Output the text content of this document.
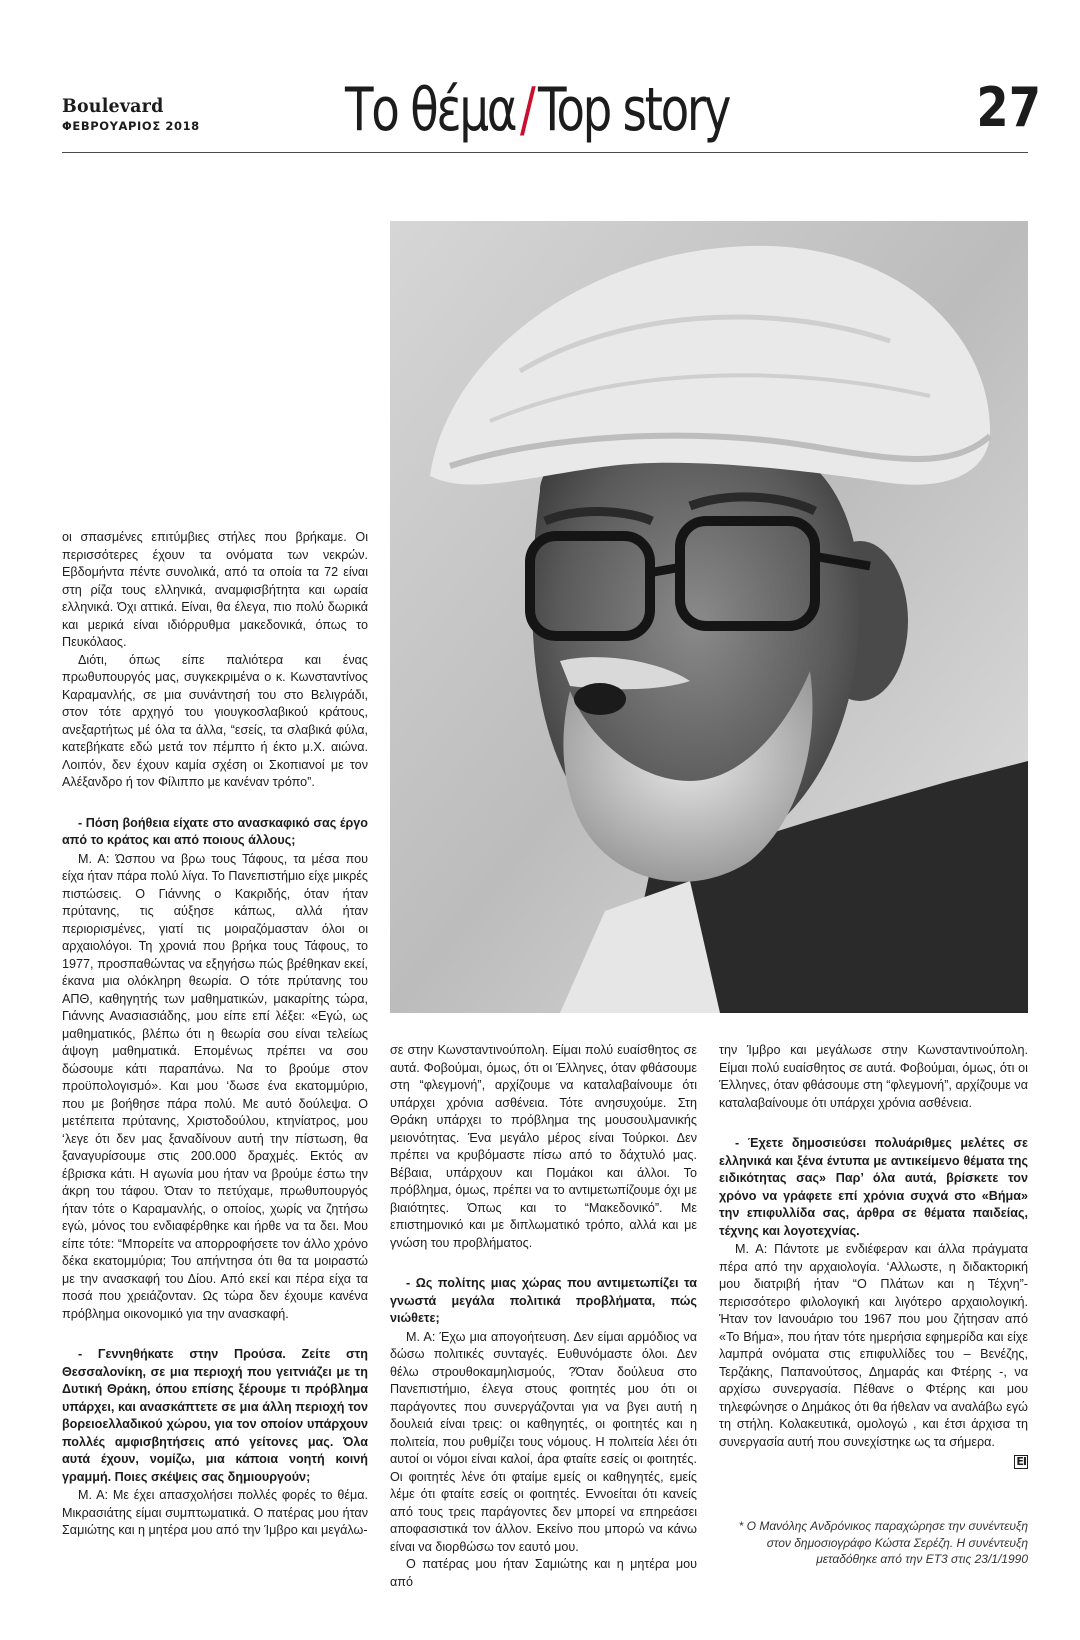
Boulevard
ΦΕΒΡΟΥΑΡΙΟΣ 2018 Το θέμα/Top story	27

οι σπασμένες επιτύμβιες στήλες που βρήκαμε. Οι περισσότερες έχουν τα ονόματα των νεκρών. Εβδομήντα πέντε συνολικά, από τα οποία τα 72 είναι στη ρίζα τους ελληνικά, αναμφισβήτητα και ωραία ελληνικά. Όχι αττικά. Είναι, θα έλεγα, πιο πολύ δωρικά και μερικά είναι ιδιόρρυθμα μακεδονικά, όπως το Πευκόλαος.

Διότι, όπως είπε παλιότερα και ένας πρωθυπουργός μας, συγκεκριμένα ο κ. Κωνσταντίνος Καραμανλής, σε μια συνάντησή του στο Βελιγράδι, στον τότε αρχηγό του γιουγκοσλαβικού κράτους, ανεξαρτήτως μέ όλα τα άλλα, “εσείς, τα σλαβικά φύλα, κατεβήκατε εδώ μετά τον πέμπτο ή έκτο μ.Χ. αιώνα. Λοιπόν, δεν έχουν καμία σχέση οι Σκοπιανοί με τον Αλέξανδρο ή τον Φίλιππο με κανέναν τρόπο”.

- Πόση βοήθεια είχατε στο ανασκαφικό σας έργο από το κράτος και από ποιους άλλους;

Μ. Α: Ώσπου να βρω τους Τάφους, τα μέσα που είχα ήταν πάρα πολύ λίγα. Το Πανεπιστήμιο είχε μικρές πιστώσεις. Ο Γιάννης ο Κακριδής, όταν ήταν πρύτανης, τις αύξησε κάπως, αλλά ήταν περιορισμένες, γιατί τις μοιραζόμασταν όλοι οι αρχαιολόγοι. Τη χρονιά που βρήκα τους Τάφους, το 1977, προσπαθώντας να εξηγήσω πώς βρέθηκαν εκεί, έκανα μια ολόκληρη θεωρία. Ο τότε πρύτανης του ΑΠΘ, καθηγητής των μαθηματικών, μακαρίτης τώρα, Γιάννης Ανασιασιάδης, μου είπε επί λέξει: «Εγώ, ως μαθηματικός, βλέπω ότι η θεωρία σου είναι τελείως άψογη μαθηματικά. Επομένως πρέπει να σου δώσουμε κάτι παραπάνω. Να το βρούμε στον προϋπολογισμό». Και μου ‘δωσε ένα εκατομμύριο, που με βοήθησε πάρα πολύ. Με αυτό δούλεψα. Ο μετέπειτα πρύτανης, Χριστοδούλου, κτηνίατρος, μου ‘λεγε ότι δεν μας ξαναδίνουν αυτή την πίστωση, θα ξαναγυρίσουμε στις 200.000 δραχμές. Εκτός αν έβρισκα κάτι. Η αγωνία μου ήταν να βρούμε έστω την άκρη του τάφου. Όταν το πετύχαμε, πρωθυπουργός ήταν τότε ο Καραμανλής, ο οποίος, χωρίς να ζητήσω εγώ, μόνος του ενδιαφέρθηκε και ήρθε να τα δει. Μου είπε τότε: “Μπορείτε να απορροφήσετε τον άλλο χρόνο δέκα εκατομμύρια; Του απήντησα ότι θα τα μοιραστώ με την ανασκαφή του Δίου. Από εκεί και πέρα είχα τα ποσά που χρειάζονταν. Ως τώρα δεν έχουμε κανένα πρόβλημα οικονομικό για την ανασκαφή.

- Γεννηθήκατε στην Προύσα. Ζείτε στη Θεσσαλονίκη, σε μια περιοχή που γειτνιάζει με τη Δυτική Θράκη, όπου επίσης ξέρουμε τι πρόβλημα υπάρχει, και ανασκάπτετε σε μια άλλη περιοχή τον βορειοελλαδικού χώρου, για τον οποίον υπάρχουν πολλές αμφισβητήσεις από γείτονες μας. Όλα αυτά έχουν, νομίζω, μια κάποια νοητή κοινή γραμμή. Ποιες σκέψεις σας δημιουργούν;

Μ. Α: Με έχει απασχολήσει πολλές φορές το θέμα. Μικρασιάτης είμαι συμπτωματικά. Ο πατέρας μου ήταν Σαμιώτης και η μητέρα μου από την Ίμβρο και μεγάλω-

σε στην Κωνσταντινούπολη. Είμαι πολύ ευαίσθητος σε αυτά. Φοβούμαι, όμως, ότι οι Έλληνες, όταν φθάσουμε στη “φλεγμονή”, αρχίζουμε να καταλαβαίνουμε ότι υπάρχει χρόνια ασθένεια. Τότε ανησυχούμε. Στη Θράκη υπάρχει το πρόβλημα της μουσουλμανικής μειονότητας. Ένα μεγάλο μέρος είναι Τούρκοι. Δεν πρέπει να κρυβόμαστε πίσω από το δάχτυλό μας. Βέβαια, υπάρχουν και Πομάκοι και άλλοι. Το πρόβλημα, όμως, πρέπει να το αντιμετωπίζουμε όχι με βιαιότητες. Όπως και το “Μακεδονικό”. Με επιστημονικό και με διπλωματικό τρόπο, αλλά και με γνώση του προβλήματος.

- Ως πολίτης μιας χώρας που αντιμετωπίζει τα γνωστά μεγάλα πολιτικά προβλήματα, πώς νιώθετε;

Μ. Α: Έχω μια απογοήτευση. Δεν είμαι αρμόδιος να δώσω πολιτικές συνταγές. Ευθυνόμαστε όλοι. Δεν θέλω στρουθοκαμηλισμούς, ?Όταν δούλευα στο Πανεπιστήμιο, έλεγα στους φοιτητές μου ότι οι παράγοντες που συνεργάζονται για να βγει αυτή η δουλειά είναι τρεις: οι καθηγητές, οι φοιτητές και η πολιτεία, που ρυθμίζει τους νόμους. Η πολιτεία λέει ότι αυτοί οι νόμοι είναι καλοί, άρα φταίτε εσείς οι φοιτητές. Οι φοιτητές λένε ότι φταίμε εμείς οι καθηγητές, εμείς λέμε ότι φταίτε εσείς οι φοιτητές. Εννοείται ότι κανείς από τους τρεις παράγοντες δεν μπορεί να επηρεάσει αποφασιστικά τον άλλον. Εκείνο που μπορώ να κάνω είναι να διορθώσω τον εαυτό μου.

Ο πατέρας μου ήταν Σαμιώτης και η μητέρα μου από

την Ίμβρο και μεγάλωσε στην Κωνσταντινούπολη. Είμαι πολύ ευαίσθητος σε αυτά. Φοβούμαι, όμως, ότι οι Έλληνες, όταν φθάσουμε στη “φλεγμονή”, αρχίζουμε να καταλαβαίνουμε ότι υπάρχει χρόνια ασθένεια.

- Έχετε δημοσιεύσει πολυάριθμες μελέτες σε ελληνικά και ξένα έντυπα με αντικείμενο θέματα της ειδικότητας σας» Παρ’ όλα αυτά, βρίσκετε τον χρόνο να γράφετε επί χρόνια συχνά στο «Βήμα» την επιφυλλίδα σας, άρθρα σε θέματα παιδείας, τέχνης και λογοτεχνίας.

Μ. Α: Πάντοτε με ενδιέφεραν και άλλα πράγματα πέρα από την αρχαιολογία. ‘Αλλωστε, η διδακτορική μου διατριβή ήταν “Ο Πλάτων και η Τέχνη”- περισσότερο φιλολογική και λιγότερο αρχαιολογική. Ήταν τον Ιανουάριο του 1967 που μου ζήτησαν από «Το Βήμα», που ήταν τότε ημερήσια εφημερίδα και είχε λαμπρά ονόματα στις επιφυλλίδες του – Βενέζης, Τερζάκης, Παπανούτσος, Δημαράς και Φτέρης -, να αρχίσω συνεργασία. Πέθανε ο Φτέρης και μου τηλεφώνησε ο Δημάκος ότι θα ήθελαν να αναλάβω εγώ τη στήλη. Κολακευτικά, ομολογώ , και έτσι άρχισα τη συνεργασία αυτή που συνεχίστηκε ως τα σήμερα.

ΕΙ
* Ο Μανόλης Ανδρόνικος παραχώρησε την συνέντευξη στον δημοσιογράφο Κώστα Σερέζη. Η συνέντευξη μεταδόθηκε από την ΕΤ3 στις 23/1/1990
